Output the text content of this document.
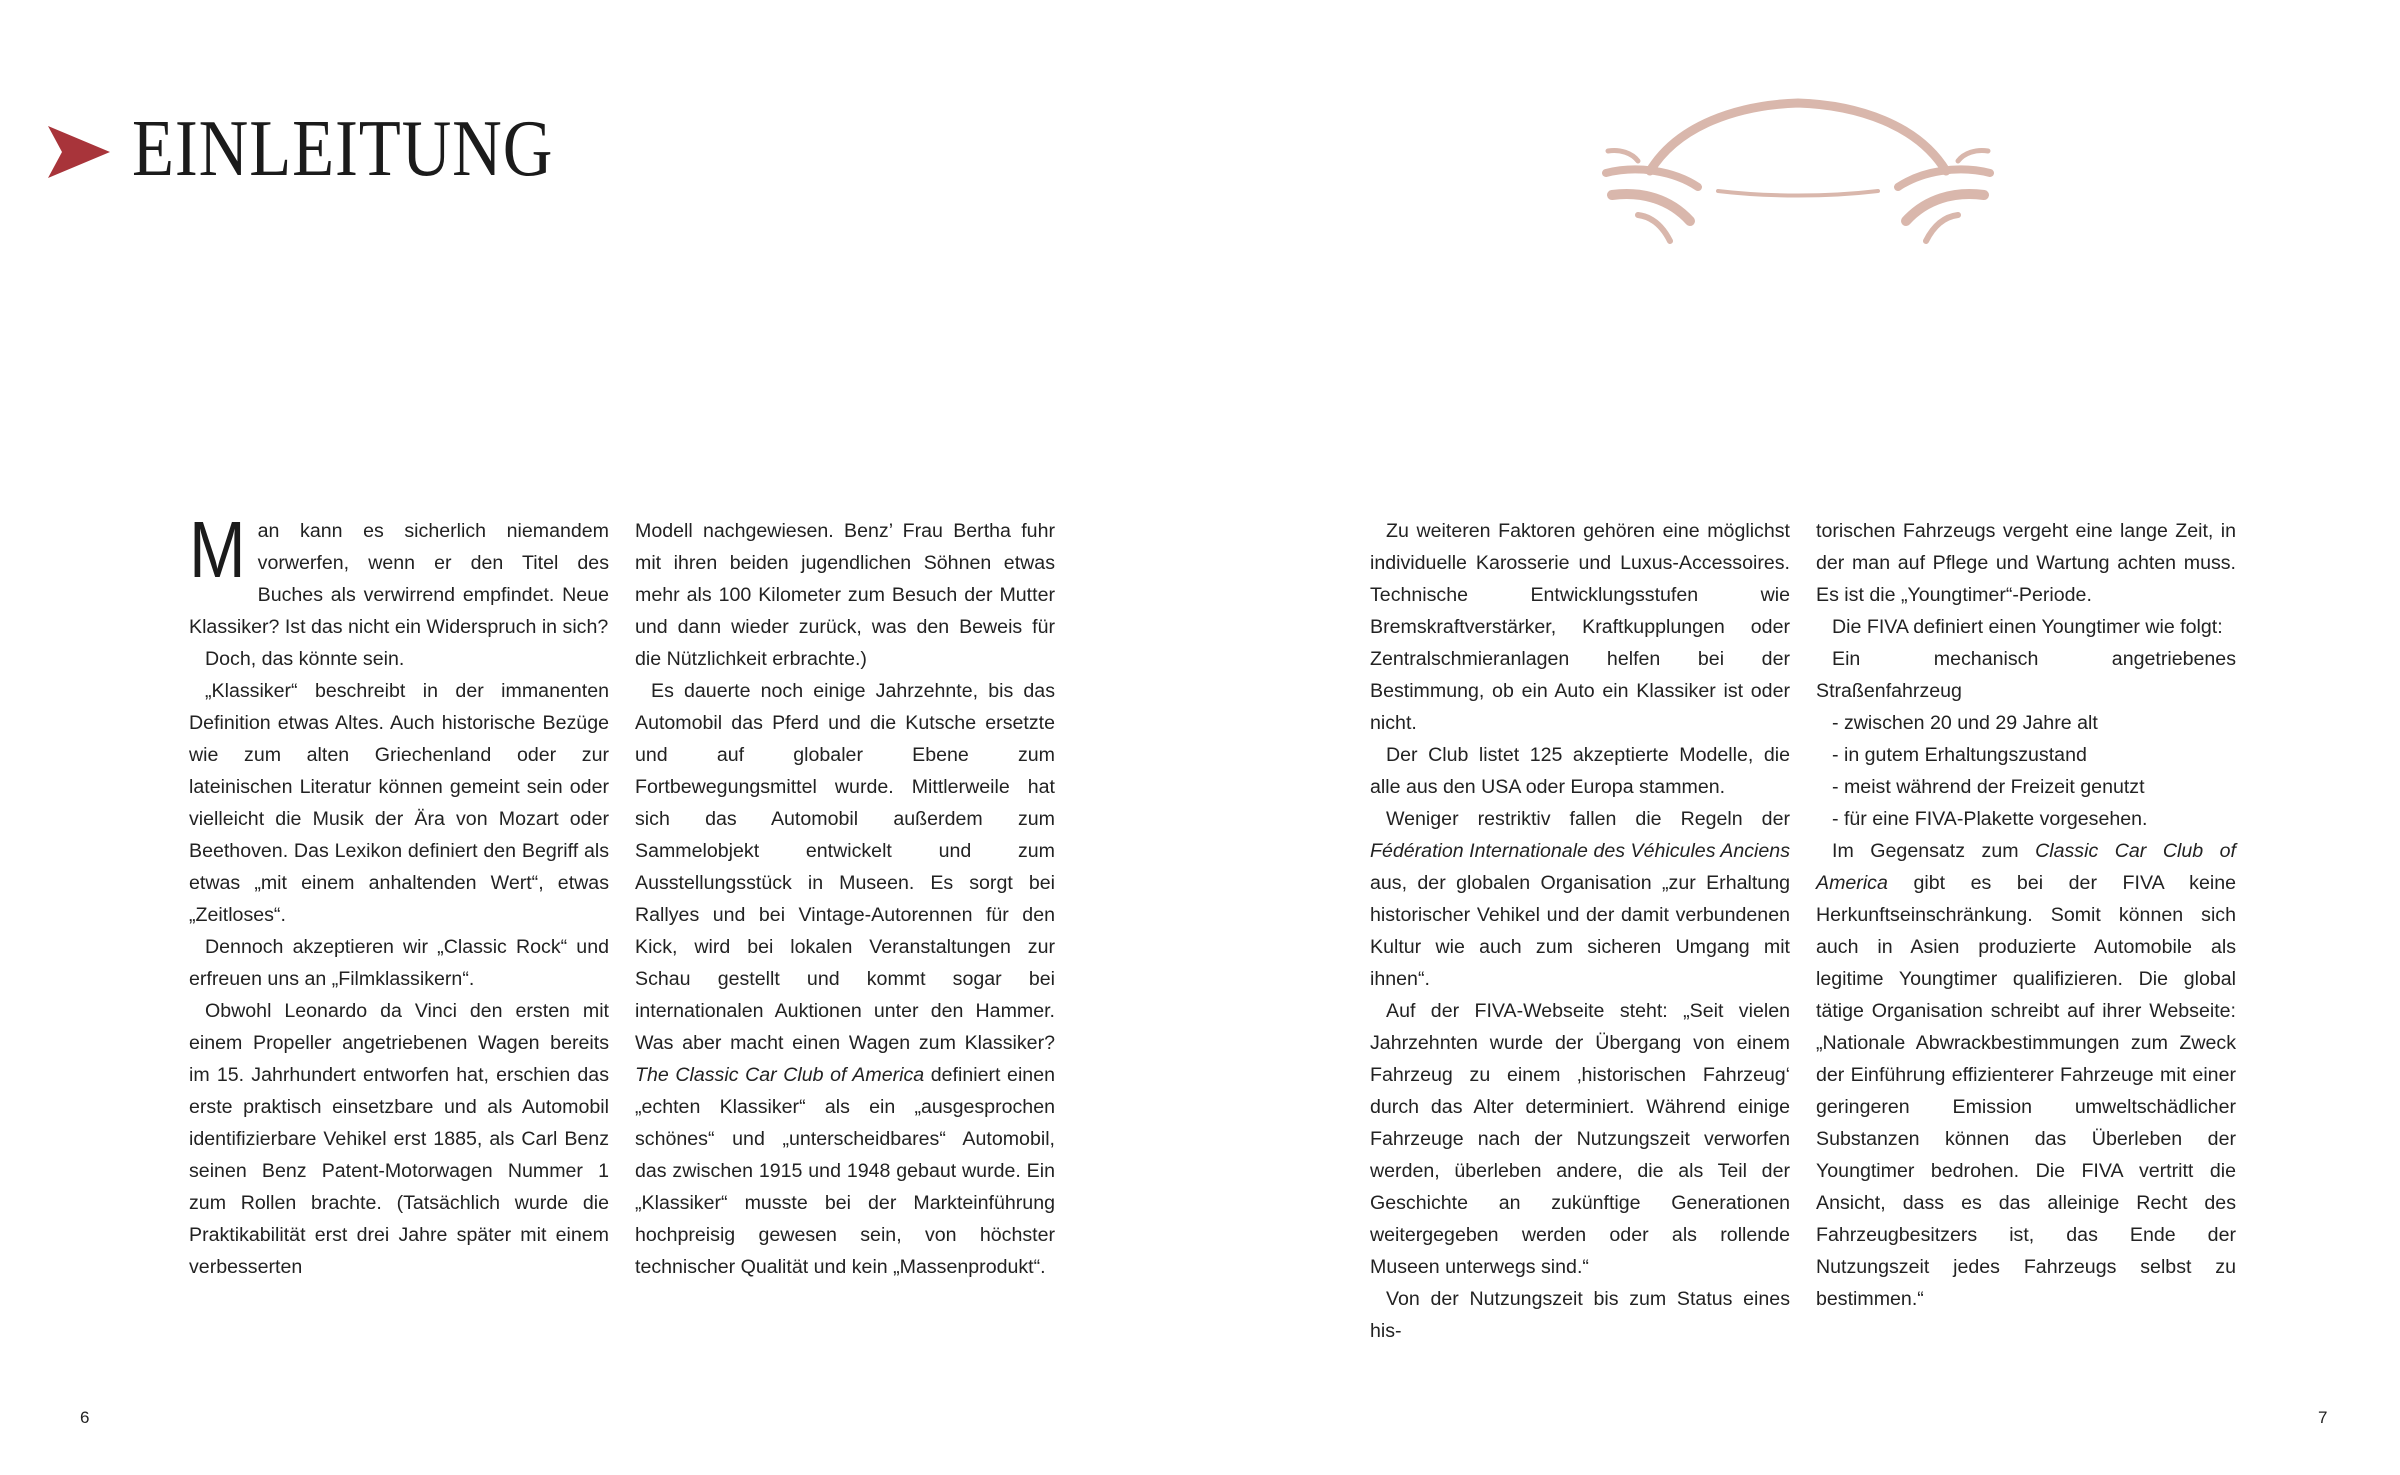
EINLEITUNG

Man kann es sicherlich niemandem vorwerfen, wenn er den Titel des Buches als verwirrend empfindet. Neue Klassiker? Ist das nicht ein Widerspruch in sich?

Doch, das könnte sein.

„Klassiker“ beschreibt in der immanenten Definition etwas Altes. Auch historische Bezüge wie zum alten Griechenland oder zur lateinischen Literatur können gemeint sein oder vielleicht die Musik der Ära von Mozart oder Beethoven. Das Lexikon definiert den Begriff als etwas „mit einem anhaltenden Wert“, etwas „Zeitloses“.

Dennoch akzeptieren wir „Classic Rock“ und erfreuen uns an „Filmklassikern“.

Obwohl Leonardo da Vinci den ersten mit einem Propeller angetriebenen Wagen bereits im 15. Jahrhundert entworfen hat, erschien das erste praktisch einsetzbare und als Automobil identifizierbare Vehikel erst 1885, als Carl Benz seinen Benz Patent-Motorwagen Nummer 1 zum Rollen brachte. (Tatsächlich wurde die Praktikabilität erst drei Jahre später mit einem verbesserten

Modell nachgewiesen. Benz’ Frau Bertha fuhr mit ihren beiden jugendlichen Söhnen etwas mehr als 100 Kilometer zum Besuch der Mutter und dann wieder zurück, was den Beweis für die Nützlichkeit erbrachte.)

Es dauerte noch einige Jahrzehnte, bis das Automobil das Pferd und die Kutsche ersetzte und auf globaler Ebene zum Fortbewegungsmittel wurde. Mittlerweile hat sich das Automobil außerdem zum Sammelobjekt entwickelt und zum Ausstellungsstück in Museen. Es sorgt bei Rallyes und bei Vintage-Autorennen für den Kick, wird bei lokalen Veranstaltungen zur Schau gestellt und kommt sogar bei internationalen Auktionen unter den Hammer. Was aber macht einen Wagen zum Klassiker? The Classic Car Club of America definiert einen „echten Klassiker“ als ein „ausgesprochen schönes“ und „unterscheidbares“ Automobil, das zwischen 1915 und 1948 gebaut wurde. Ein „Klassiker“ musste bei der Markteinführung hochpreisig gewesen sein, von höchster technischer Qualität und kein „Massenprodukt“.

Zu weiteren Faktoren gehören eine möglichst individuelle Karosserie und Luxus-Accessoires. Technische Entwicklungsstufen wie Bremskraftverstärker, Kraftkupplungen oder Zentralschmieranlagen helfen bei der Bestimmung, ob ein Auto ein Klassiker ist oder nicht.

Der Club listet 125 akzeptierte Modelle, die alle aus den USA oder Europa stammen.

Weniger restriktiv fallen die Regeln der Fédération Internationale des Véhicules Anciens aus, der globalen Organisation „zur Erhaltung historischer Vehikel und der damit verbundenen Kultur wie auch zum sicheren Umgang mit ihnen“.

Auf der FIVA-Webseite steht: „Seit vielen Jahrzehnten wurde der Übergang von einem Fahrzeug zu einem ‚historischen Fahrzeug‘ durch das Alter determiniert. Während einige Fahrzeuge nach der Nutzungszeit verworfen werden, überleben andere, die als Teil der Geschichte an zukünftige Generationen weitergegeben werden oder als rollende Museen unterwegs sind.“

Von der Nutzungszeit bis zum Status eines his-

torischen Fahrzeugs vergeht eine lange Zeit, in der man auf Pflege und Wartung achten muss. Es ist die „Youngtimer“-Periode.

Die FIVA definiert einen Youngtimer wie folgt:

Ein mechanisch angetriebenes Straßenfahrzeug

- zwischen 20 und 29 Jahre alt

- in gutem Erhaltungszustand

- meist während der Freizeit genutzt

- für eine FIVA-Plakette vorgesehen.

Im Gegensatz zum Classic Car Club of America gibt es bei der FIVA keine Herkunftseinschränkung. Somit können sich auch in Asien produzierte Automobile als legitime Youngtimer qualifizieren. Die global tätige Organisation schreibt auf ihrer Webseite: „Nationale Abwrackbestimmungen zum Zweck der Einführung effizienterer Fahrzeuge mit einer geringeren Emission umweltschädlicher Substanzen können das Überleben der Youngtimer bedrohen. Die FIVA vertritt die Ansicht, dass es das alleinige Recht des Fahrzeugbesitzers ist, das Ende der Nutzungszeit jedes Fahrzeugs selbst zu bestimmen.“

6	7
